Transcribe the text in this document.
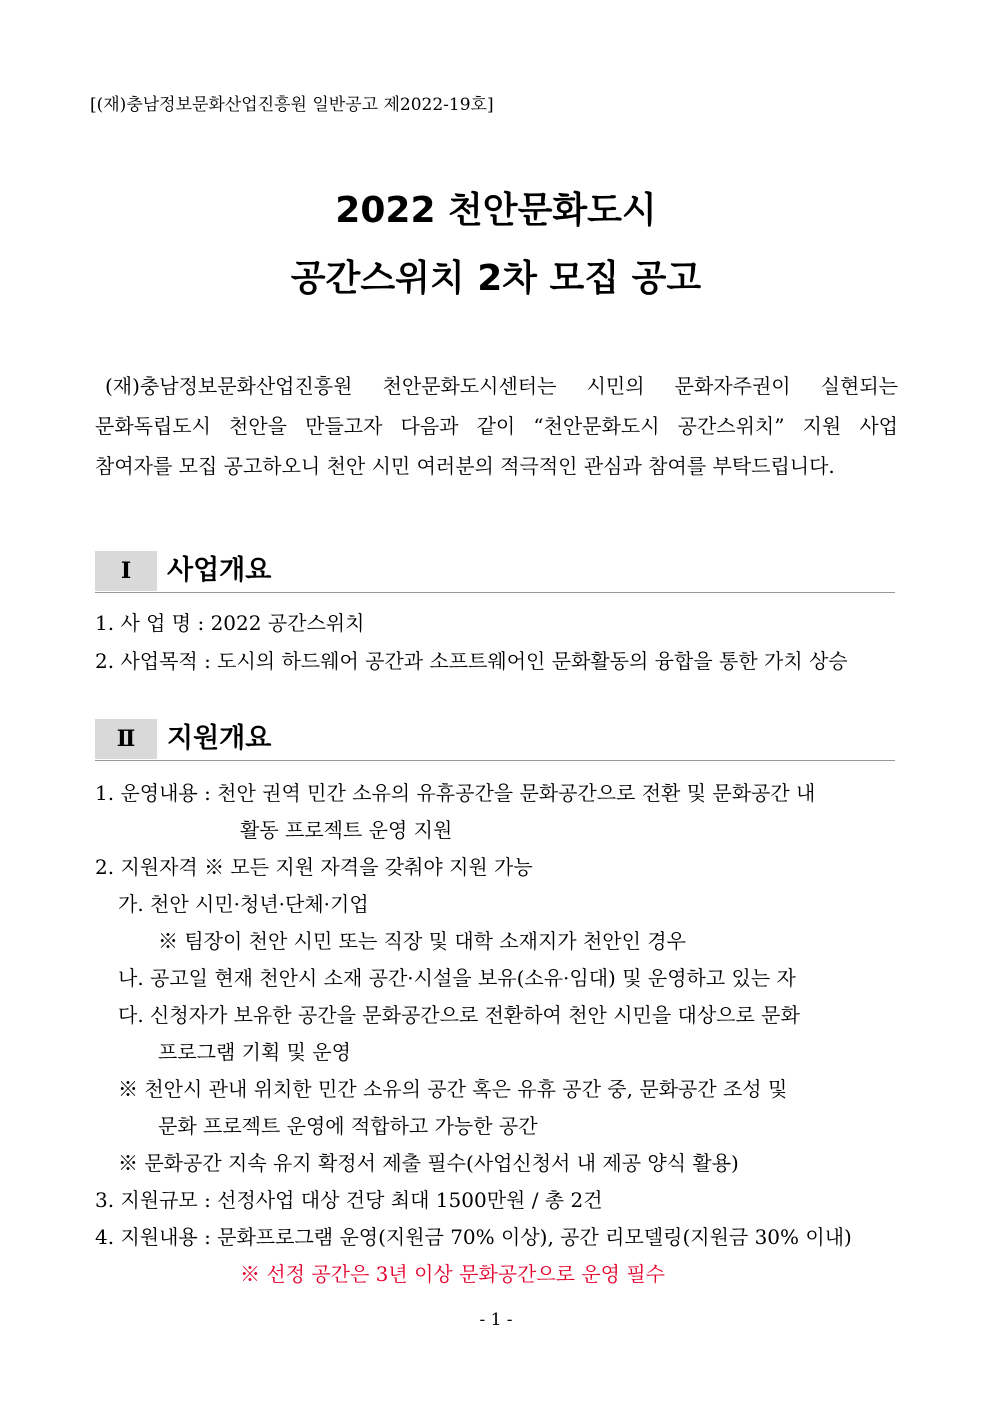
[(재)충남정보문화산업진흥원 일반공고 제2022-19호]
2022 천안문화도시
공간스위치 2차 모집 공고

(재)충남정보문화산업진흥원 천안문화도시센터는 시민의 문화자주권이 실현되는

문화독립도시 천안을 만들고자 다음과 같이 “천안문화도시 공간스위치” 지원 사업

참여자를 모집 공고하오니 천안 시민 여러분의 적극적인 관심과 참여를 부탁드립니다.

Ⅰ	사업개요
1. 사 업 명 : 2022 공간스위치
2. 사업목적 : 도시의 하드웨어 공간과 소프트웨어인 문화활동의 융합을 통한 가치 상승
Ⅱ	지원개요
1. 운영내용 : 천안 권역 민간 소유의 유휴공간을 문화공간으로 전환 및 문화공간 내
활동 프로젝트 운영 지원
2. 지원자격 ※ 모든 지원 자격을 갖춰야 지원 가능
가. 천안 시민·청년·단체·기업
※ 팀장이 천안 시민 또는 직장 및 대학 소재지가 천안인 경우
나. 공고일 현재 천안시 소재 공간·시설을 보유(소유·임대) 및 운영하고 있는 자
다. 신청자가 보유한 공간을 문화공간으로 전환하여 천안 시민을 대상으로 문화
프로그램 기획 및 운영
※ 천안시 관내 위치한 민간 소유의 공간 혹은 유휴 공간 중, 문화공간 조성 및
문화 프로젝트 운영에 적합하고 가능한 공간
※ 문화공간 지속 유지 확정서 제출 필수(사업신청서 내 제공 양식 활용)
3. 지원규모 : 선정사업 대상 건당 최대 1500만원 / 총 2건
4. 지원내용 : 문화프로그램 운영(지원금 70% 이상), 공간 리모델링(지원금 30% 이내)
※ 선정 공간은 3년 이상 문화공간으로 운영 필수
- 1 -
